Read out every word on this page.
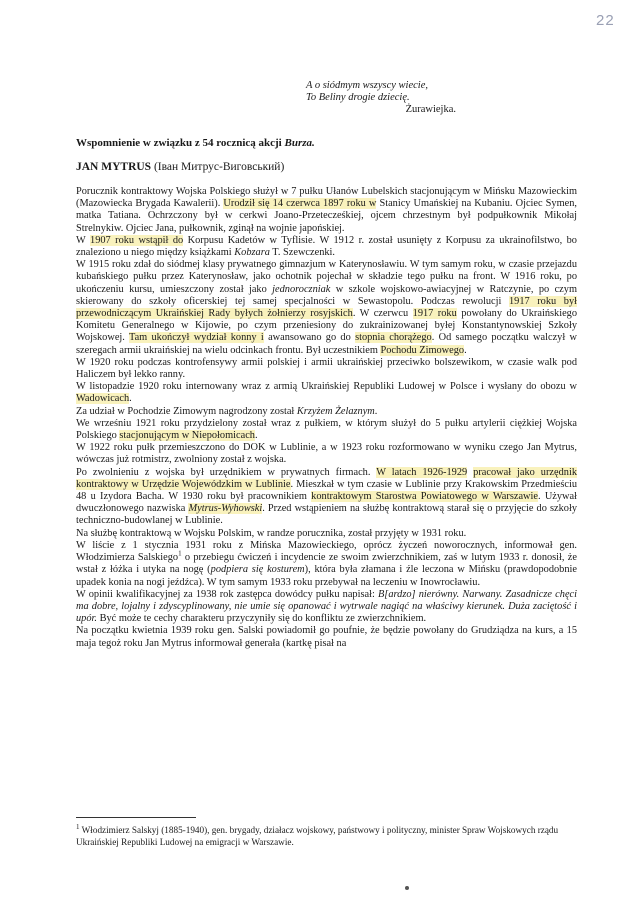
22
A o siódmym wszyscy wiecie,
To Beliny drogie dziecię.
Żurawiejka.
Wspomnienie w związku z 54 rocznicą akcji Burza.
JAN MYTRUS (Іван Митрус-Виговський)

Porucznik kontraktowy Wojska Polskiego służył w 7 pułku Ułanów Lubelskich stacjonującym w Mińsku Mazowieckim (Mazowiecka Brygada Kawalerii). Urodził się 14 czerwca 1897 roku w Stanicy Umańskiej na Kubaniu. Ojciec Symen, matka Tatiana. Ochrzczony był w cerkwi Joano-Przetecześkiej, ojcem chrzestnym był podpułkownik Mikołaj Strelnykiw. Ojciec Jana, pułkownik, zginął na wojnie japońskiej.

W 1907 roku wstąpił do Korpusu Kadetów w Tyflisie. W 1912 r. został usunięty z Korpusu za ukrainofilstwo, bo znaleziono u niego między książkami Kobzara T. Szewczenki.

W 1915 roku zdał do siódmej klasy prywatnego gimnazjum w Katerynosławiu. W tym samym roku, w czasie przejazdu kubańskiego pułku przez Katerynosław, jako ochotnik pojechał w składzie tego pułku na front. W 1916 roku, po ukończeniu kursu, umieszczony został jako jednoroczniak w szkole wojskowo-awiacyjnej w Ratczynie, po czym skierowany do szkoły oficerskiej tej samej specjalności w Sewastopolu. Podczas rewolucji 1917 roku był przewodniczącym Ukraińskiej Rady byłych żołnierzy rosyjskich. W czerwcu 1917 roku powołany do Ukraińskiego Komitetu Generalnego w Kijowie, po czym przeniesiony do zukrainizowanej byłej Konstantynowskiej Szkoły Wojskowej. Tam ukończył wydział konny i awansowano go do stopnia chorążego. Od samego początku walczył w szeregach armii ukraińskiej na wielu odcinkach frontu. Był uczestnikiem Pochodu Zimowego.

W 1920 roku podczas kontrofensywy armii polskiej i armii ukraińskiej przeciwko bolszewikom, w czasie walk pod Haliczem był lekko ranny.

W listopadzie 1920 roku internowany wraz z armią Ukraińskiej Republiki Ludowej w Polsce i wysłany do obozu w Wadowicach.

Za udział w Pochodzie Zimowym nagrodzony został Krzyżem Żelaznym.

We wrześniu 1921 roku przydzielony został wraz z pułkiem, w którym służył do 5 pułku artylerii ciężkiej Wojska Polskiego stacjonującym w Niepołomicach.

W 1922 roku pułk przemieszczono do DOK w Lublinie, a w 1923 roku rozformowano w wyniku czego Jan Mytrus, wówczas już rotmistrz, zwolniony został z wojska.

Po zwolnieniu z wojska był urzędnikiem w prywatnych firmach. W latach 1926-1929 pracował jako urzędnik kontraktowy w Urzędzie Wojewódzkim w Lublinie. Mieszkał w tym czasie w Lublinie przy Krakowskim Przedmieściu 48 u Izydora Bacha. W 1930 roku był pracownikiem kontraktowym Starostwa Powiatowego w Warszawie. Używał dwuczłonowego nazwiska Mytrus-Wyhowski. Przed wstąpieniem na służbę kontraktową starał się o przyjęcie do szkoły techniczno-budowlanej w Lublinie.

Na służbę kontraktową w Wojsku Polskim, w randze porucznika, został przyjęty w 1931 roku.

W liście z 1 stycznia 1931 roku z Mińska Mazowieckiego, oprócz życzeń noworocznych, informował gen. Włodzimierza Salskiego$^1$ o przebiegu ćwiczeń i incydencie ze swoim zwierzchnikiem, zaś w lutym 1933 r. donosił, że wstał z łóżka i utyka na nogę (podpiera się kosturem), która była złamana i źle leczona w Mińsku (prawdopodobnie upadek konia na nogi jeźdźca). W tym samym 1933 roku przebywał na leczeniu w Inowrocławiu.

W opinii kwalifikacyjnej za 1938 rok zastępca dowódcy pułku napisał: B[ardzo] nierówny. Narwany. Zasadnicze chęci ma dobre, lojalny i zdyscyplinowany, nie umie się opanować i wytrwale nagiąć na właściwy kierunek. Duża zaciętość i upór. Być może te cechy charakteru przyczyniły się do konfliktu ze zwierzchnikiem.

Na początku kwietnia 1939 roku gen. Salski powiadomił go poufnie, że będzie powołany do Grudziądza na kurs, a 15 maja tegoż roku Jan Mytrus informował generała (kartkę pisał na

$^1$ Włodzimierz Salskyj (1885-1940), gen. brygady, działacz wojskowy, państwowy i polityczny, minister Spraw Wojskowych rządu Ukraińskiej Republiki Ludowej na emigracji w Warszawie.
